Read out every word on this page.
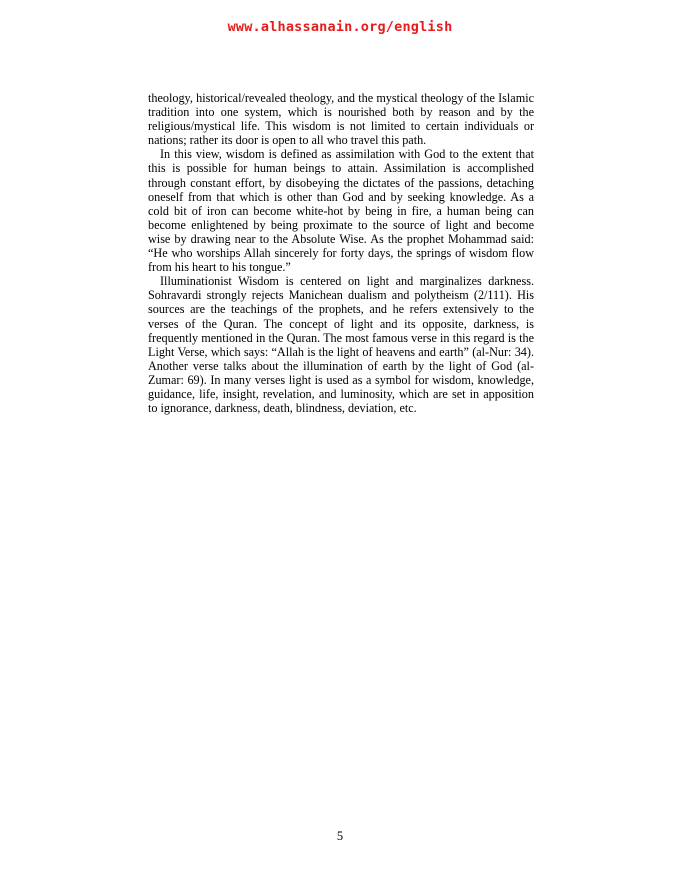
www.alhassanain.org/english

theology, historical/revealed theology, and the mystical theology of the Islamic tradition into one system, which is nourished both by reason and by the religious/mystical life. This wisdom is not limited to certain individuals or nations; rather its door is open to all who travel this path.

In this view, wisdom is defined as assimilation with God to the extent that this is possible for human beings to attain. Assimilation is accomplished through constant effort, by disobeying the dictates of the passions, detaching oneself from that which is other than God and by seeking knowledge. As a cold bit of iron can become white-hot by being in fire, a human being can become enlightened by being proximate to the source of light and become wise by drawing near to the Absolute Wise. As the prophet Mohammad said: “He who worships Allah sincerely for forty days, the springs of wisdom flow from his heart to his tongue.”

Illuminationist Wisdom is centered on light and marginalizes darkness. Sohravardi strongly rejects Manichean dualism and polytheism (2/111). His sources are the teachings of the prophets, and he refers extensively to the verses of the Quran. The concept of light and its opposite, darkness, is frequently mentioned in the Quran. The most famous verse in this regard is the Light Verse, which says: “Allah is the light of heavens and earth” (al-Nur: 34). Another verse talks about the illumination of earth by the light of God (al-Zumar: 69). In many verses light is used as a symbol for wisdom, knowledge, guidance, life, insight, revelation, and luminosity, which are set in apposition to ignorance, darkness, death, blindness, deviation, etc.

5
